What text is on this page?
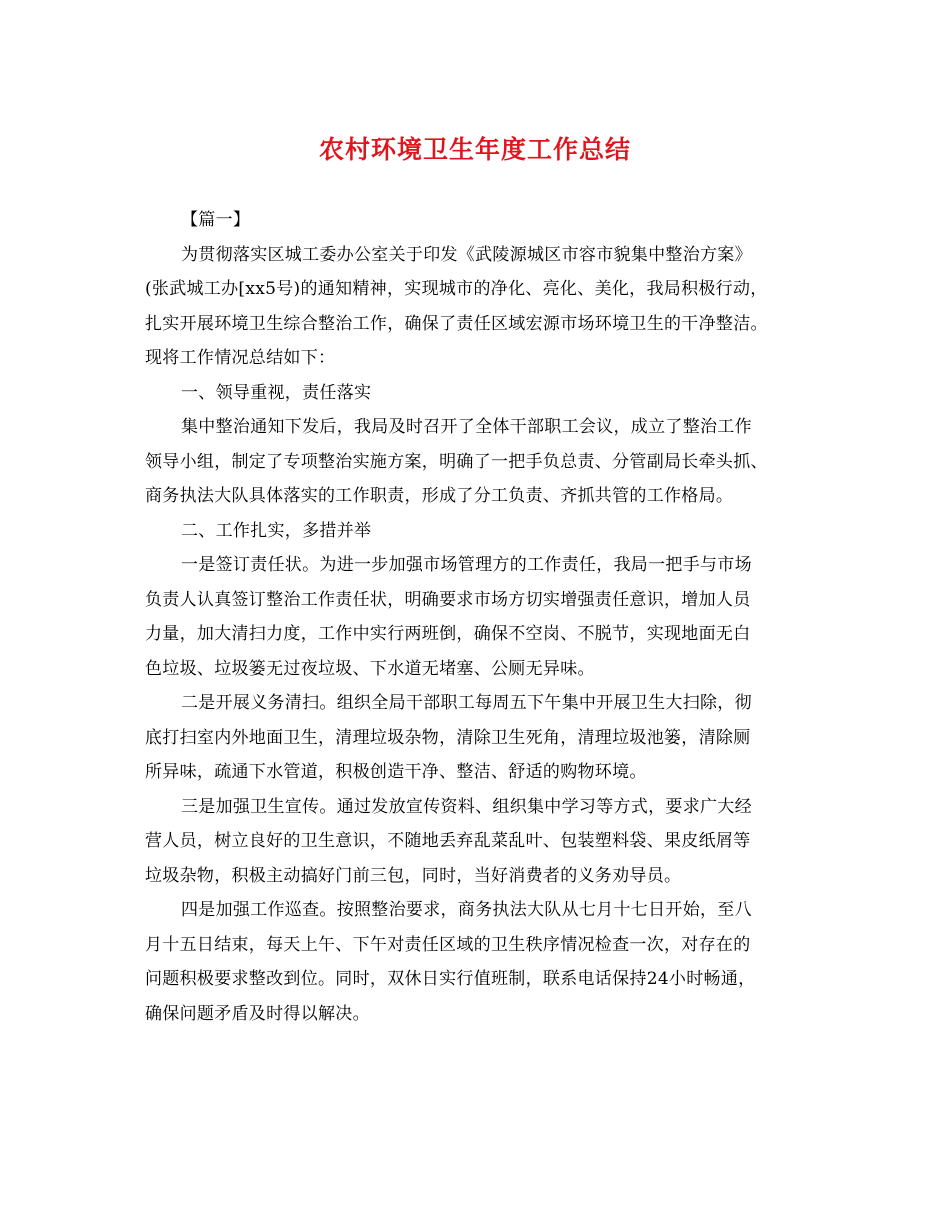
农村环境卫生年度工作总结
【篇一】
为贯彻落实区城工委办公室关于印发《武陵源城区市容市貌集中整治方案》
(张武城工办[xx5号)的通知精神，实现城市的净化、亮化、美化，我局积极行动，
扎实开展环境卫生综合整治工作，确保了责任区域宏源市场环境卫生的干净整洁。
现将工作情况总结如下：
一、领导重视，责任落实
集中整治通知下发后，我局及时召开了全体干部职工会议，成立了整治工作
领导小组，制定了专项整治实施方案，明确了一把手负总责、分管副局长牵头抓、
商务执法大队具体落实的工作职责，形成了分工负责、齐抓共管的工作格局。
二、工作扎实，多措并举
一是签订责任状。为进一步加强市场管理方的工作责任，我局一把手与市场
负责人认真签订整治工作责任状，明确要求市场方切实增强责任意识，增加人员
力量，加大清扫力度，工作中实行两班倒，确保不空岗、不脱节，实现地面无白
色垃圾、垃圾篓无过夜垃圾、下水道无堵塞、公厕无异味。
二是开展义务清扫。组织全局干部职工每周五下午集中开展卫生大扫除，彻
底打扫室内外地面卫生，清理垃圾杂物，清除卫生死角，清理垃圾池篓，清除厕
所异味，疏通下水管道，积极创造干净、整洁、舒适的购物环境。
三是加强卫生宣传。通过发放宣传资料、组织集中学习等方式，要求广大经
营人员，树立良好的卫生意识，不随地丢弃乱菜乱叶、包装塑料袋、果皮纸屑等
垃圾杂物，积极主动搞好门前三包，同时，当好消费者的义务劝导员。
四是加强工作巡查。按照整治要求，商务执法大队从七月十七日开始，至八
月十五日结束，每天上午、下午对责任区域的卫生秩序情况检查一次，对存在的
问题积极要求整改到位。同时，双休日实行值班制，联系电话保持24小时畅通，
确保问题矛盾及时得以解决。
